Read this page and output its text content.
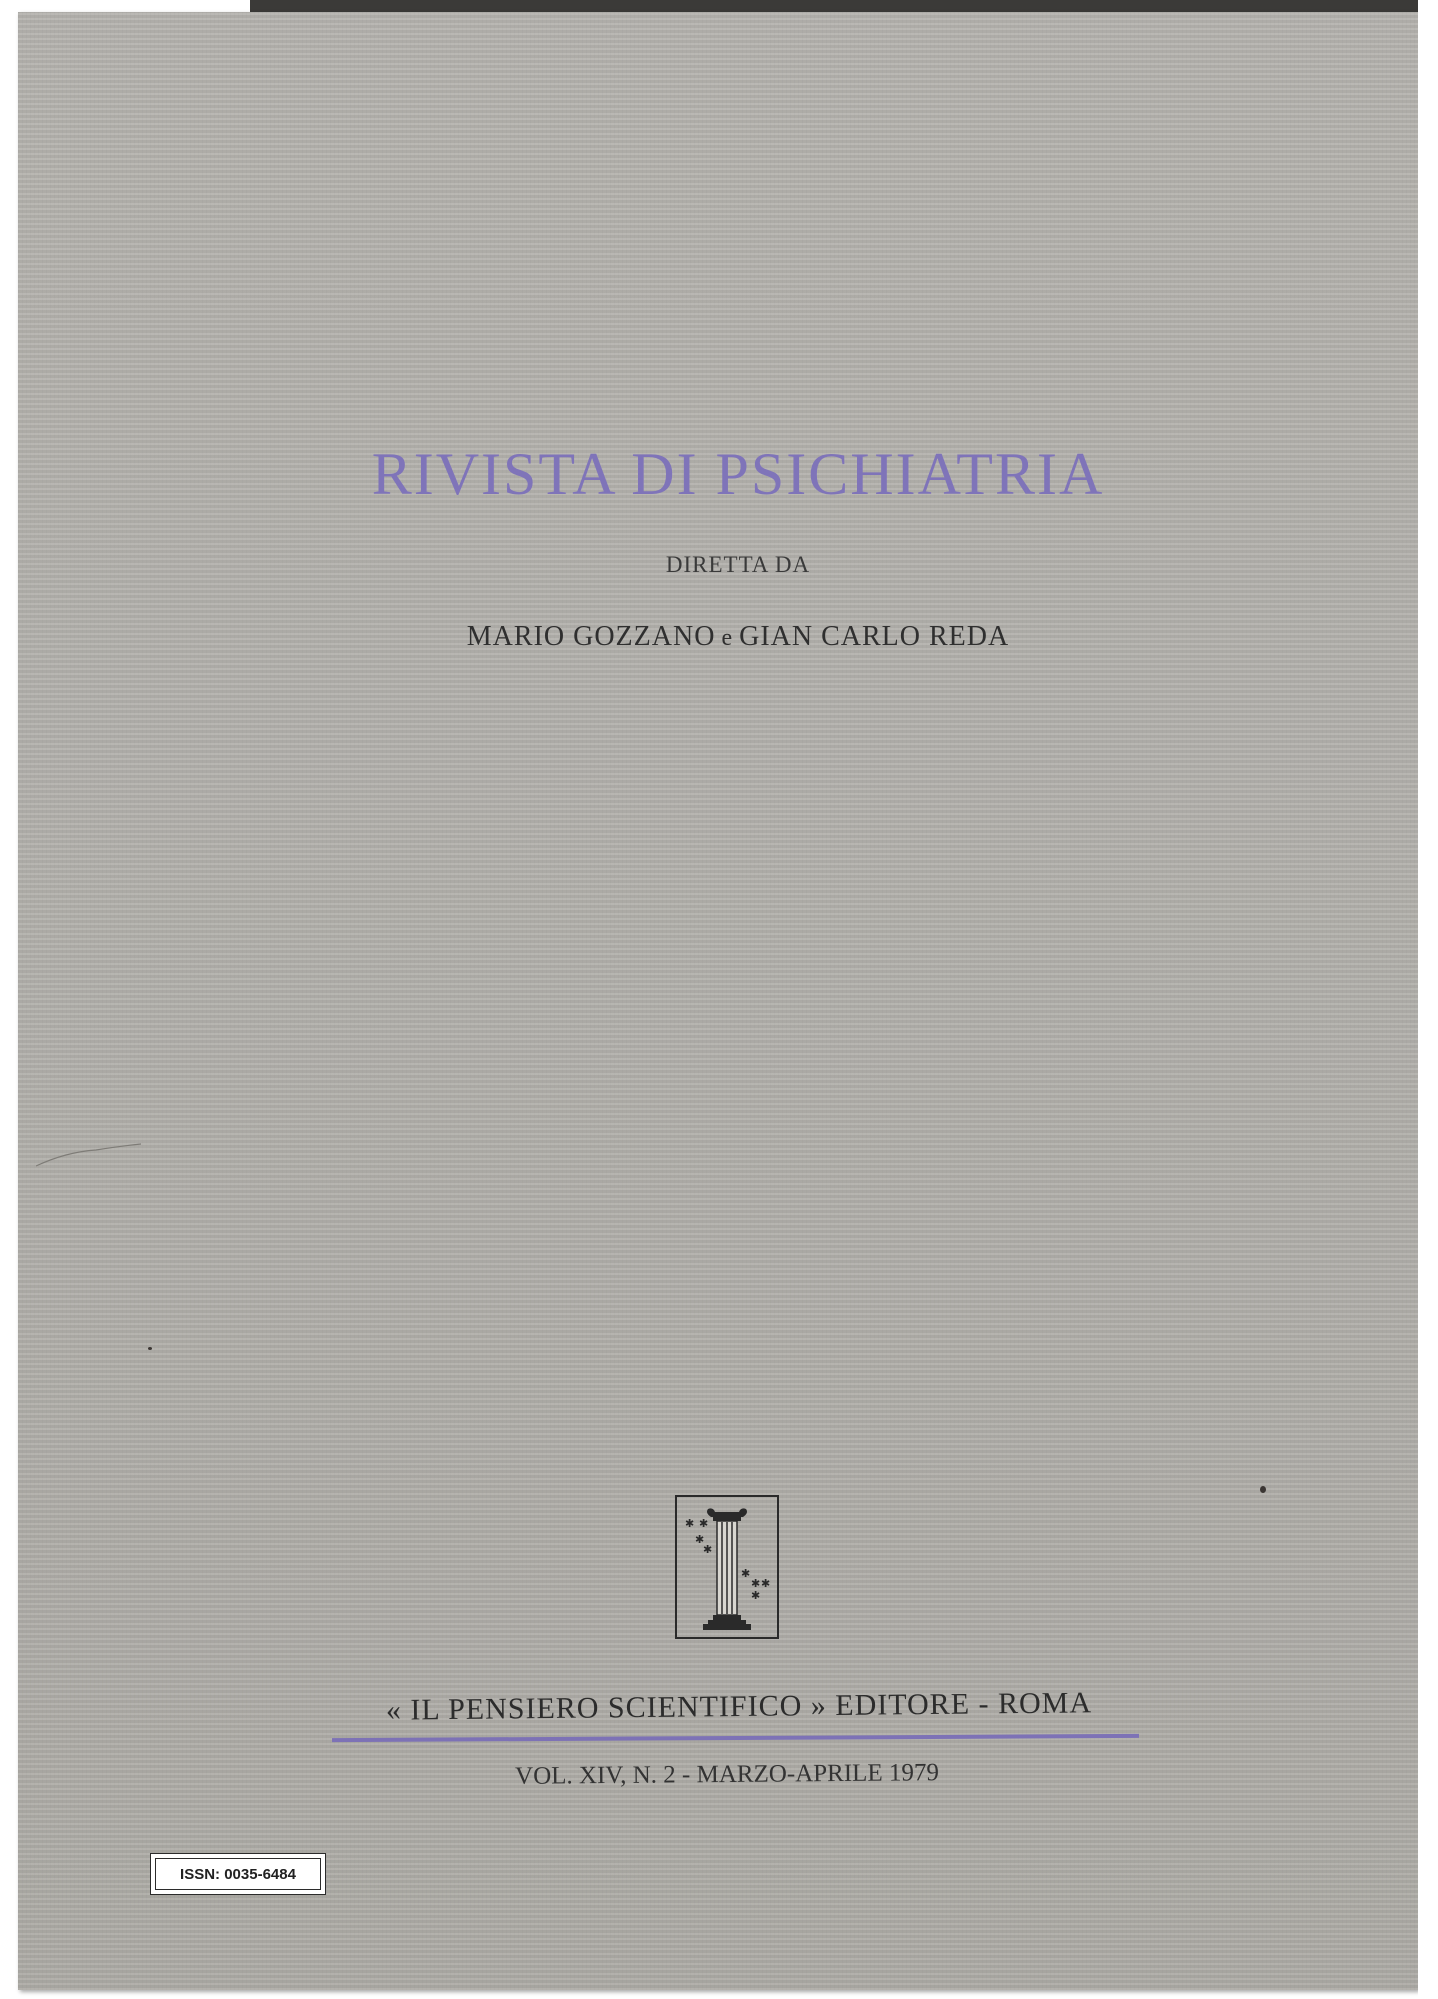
RIVISTA DI PSICHIATRIA

DIRETTA DA

MARIO GOZZANO e GIAN CARLO REDA

✱ ✱
✱
✱
✱
✱ ✱
✱

« IL PENSIERO SCIENTIFICO » EDITORE - ROMA

VOL. XIV, N. 2 - MARZO-APRILE 1979

ISSN: 0035-6484
